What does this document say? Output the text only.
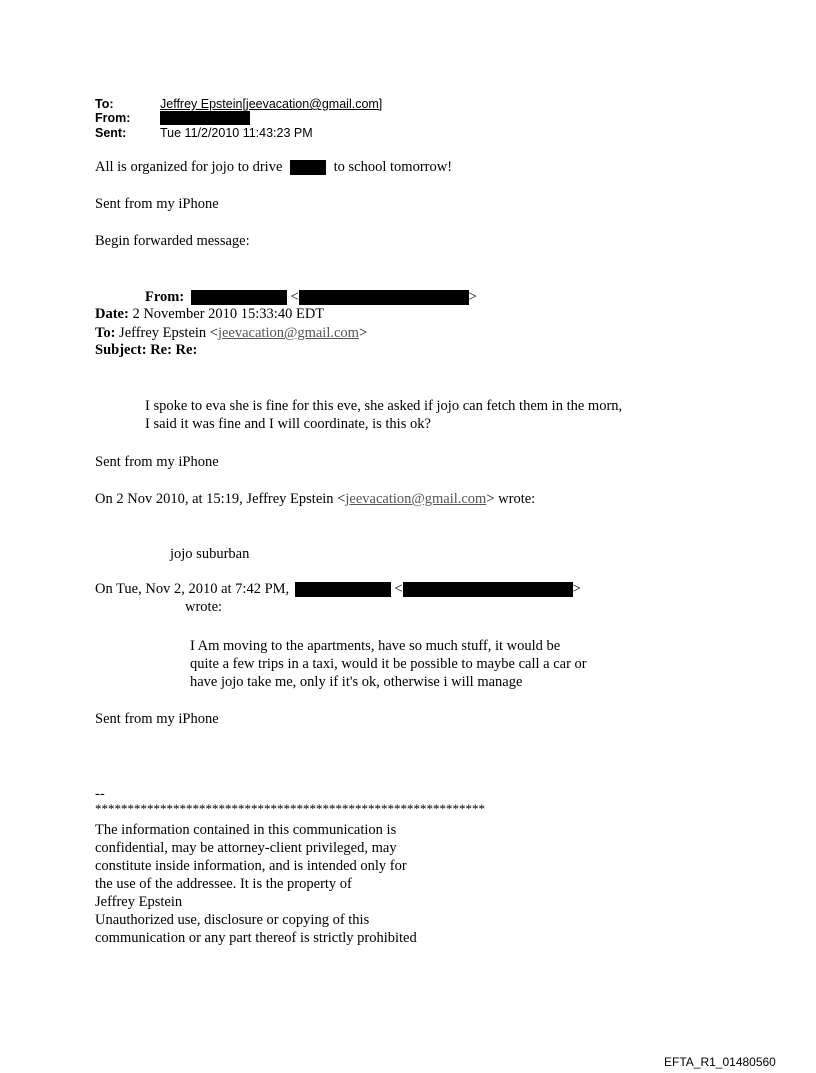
To:	Jeffrey Epstein[jeevacation@gmail.com]
From:
Sent:	Tue 11/2/2010 11:43:23 PM
All is organized for jojo to drive	to school tomorrow!
Sent from my iPhone
Begin forwarded message:
From:	<	>
Date: 2 November 2010 15:33:40 EDT
To: Jeffrey Epstein <jeevacation@gmail.com>
Subject: Re: Re:
I spoke to eva she is fine for this eve, she asked if jojo can fetch them in the morn,
I said it was fine and I will coordinate, is this ok?
Sent from my iPhone
On 2 Nov 2010, at 15:19, Jeffrey Epstein <jeevacation@gmail.com> wrote:
jojo suburban
On Tue, Nov 2, 2010 at 7:42 PM,	<	>
wrote:
I Am moving to the apartments, have so much stuff, it would be
quite a few trips in a taxi, would it be possible to maybe call a car or
have jojo take me, only if it's ok, otherwise i will manage
Sent from my iPhone
--
************************************************************
The information contained in this communication is
confidential, may be attorney-client privileged, may
constitute inside information, and is intended only for
the use of the addressee. It is the property of
Jeffrey Epstein
Unauthorized use, disclosure or copying of this
communication or any part thereof is strictly prohibited
EFTA_R1_01480560
